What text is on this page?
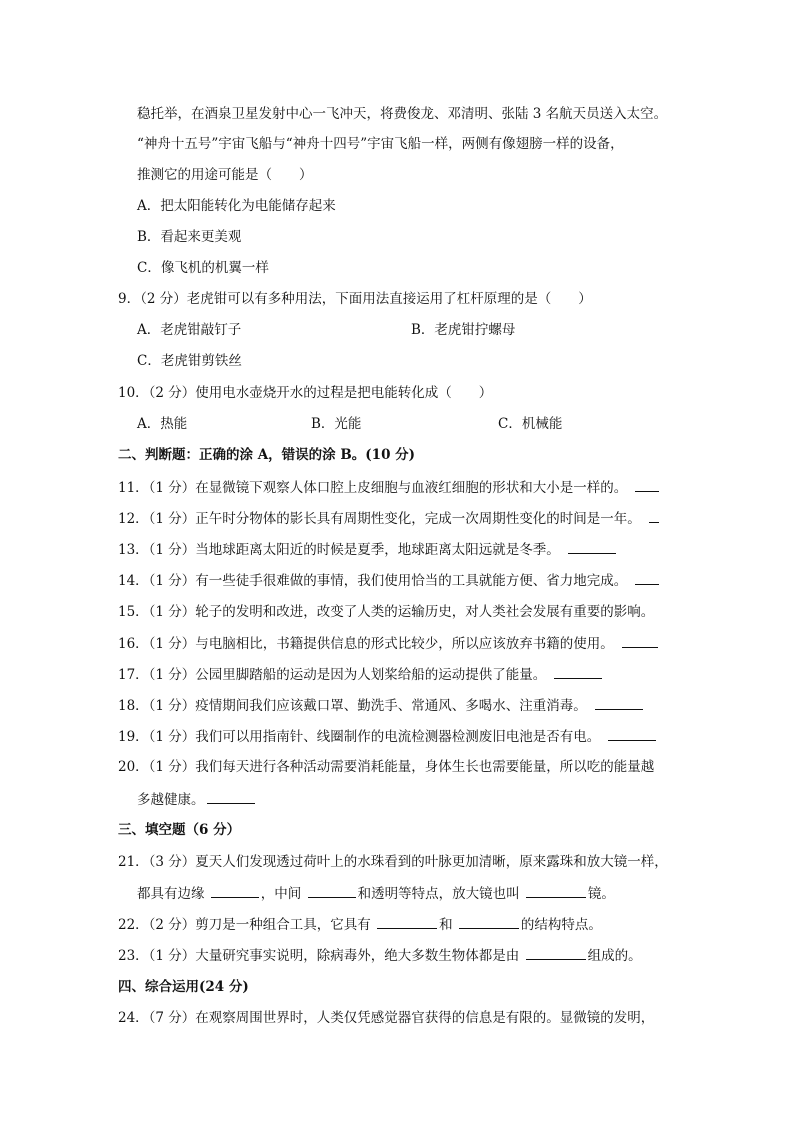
稳托举，在酒泉卫星发射中心一飞冲天，将费俊龙、邓清明、张陆 3 名航天员送入太空。
“神舟十五号”宇宙飞船与“神舟十四号”宇宙飞船一样，两侧有像翅膀一样的设备，
推测它的用途可能是（　　）
A．把太阳能转化为电能储存起来
B．看起来更美观
C．像飞机的机翼一样
9．（2 分）老虎钳可以有多种用法，下面用法直接运用了杠杆原理的是（　　）
A．老虎钳敲钉子	B．老虎钳拧螺母
C．老虎钳剪铁丝
10．（2 分）使用电水壶烧开水的过程是把电能转化成（　　）
A．热能	B．光能	C．机械能
二、判断题：正确的涂 A，错误的涂 B。(10 分)
11．（1 分）在显微镜下观察人体口腔上皮细胞与血液红细胞的形状和大小是一样的。
12．（1 分）正午时分物体的影长具有周期性变化，完成一次周期性变化的时间是一年。
13．（1 分）当地球距离太阳近的时候是夏季，地球距离太阳远就是冬季。
14．（1 分）有一些徒手很难做的事情，我们使用恰当的工具就能方便、省力地完成。
15．（1 分）轮子的发明和改进，改变了人类的运输历史，对人类社会发展有重要的影响。
16．（1 分）与电脑相比，书籍提供信息的形式比较少，所以应该放弃书籍的使用。
17．（1 分）公园里脚踏船的运动是因为人划桨给船的运动提供了能量。
18．（1 分）疫情期间我们应该戴口罩、勤洗手、常通风、多喝水、注重消毒。
19．（1 分）我们可以用指南针、线圈制作的电流检测器检测废旧电池是否有电。
20．（1 分）我们每天进行各种活动需要消耗能量，身体生长也需要能量，所以吃的能量越
多越健康。
三、填空题（6 分）
21．（3 分）夏天人们发现透过荷叶上的水珠看到的叶脉更加清晰，原来露珠和放大镜一样，
都具有边缘	，中间	和透明等特点，放大镜也叫	镜。
22．（2 分）剪刀是一种组合工具，它具有	和	的结构特点。
23．（1 分）大量研究事实说明，除病毒外，绝大多数生物体都是由	组成的。
四、综合运用(24 分)
24．（7 分）在观察周围世界时，人类仅凭感觉器官获得的信息是有限的。显微镜的发明，
